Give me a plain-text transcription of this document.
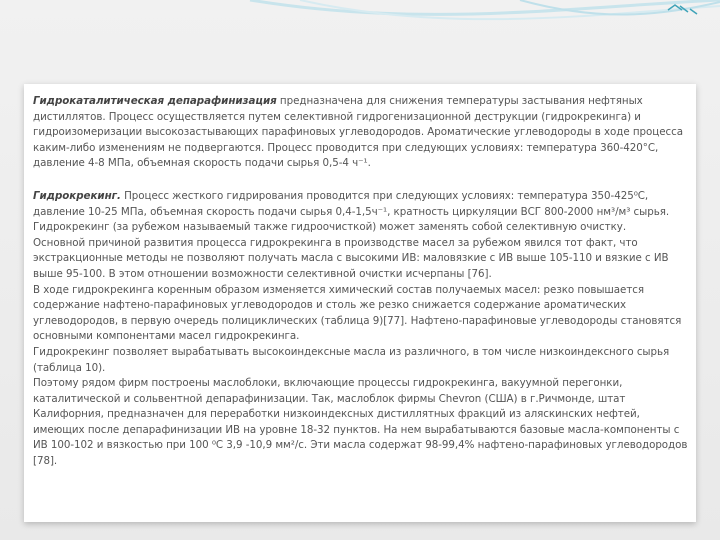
Гидрокаталитическая депарафинизация предназначена для снижения температуры застывания нефтяных дистиллятов. Процесс осуществляется путем селективной гидрогенизационной деструкции (гидрокрекинга) и гидроизомеризации высокозастывающих парафиновых углеводородов. Ароматические углеводороды в ходе процесса каким-либо изменениям не подвергаются. Процесс проводится при следующих условиях: температура 360-420°С, давление 4-8 МПа, объемная скорость подачи сырья 0,5-4 ч⁻¹.

Гидрокрекинг. Процесс жесткого гидрирования проводится при следующих условиях: температура 350-425⁰С, давление 10-25 МПа, объемная скорость подачи сырья 0,4-1,5ч⁻¹, кратность циркуляции ВСГ 800-2000 нм³/м³ сырья. Гидрокрекинг (за рубежом называемый также гидроочисткой) может заменять собой селективную очистку.

Основной причиной развития процесса гидрокрекинга в производстве масел за рубежом явился тот факт, что экстракционные методы не позволяют получать масла с высокими ИВ: маловязкие с ИВ выше 105-110 и вязкие с ИВ выше 95-100. В этом отношении возможности селективной очистки исчерпаны [76].

В ходе гидрокрекинга коренным образом изменяется химический состав получаемых масел: резко повышается содержание нафтено-парафиновых углеводородов и столь же резко снижается содержание ароматических углеводородов, в первую очередь полициклических (таблица 9)[77]. Нафтено-парафиновые углеводороды становятся основными компонентами масел гидрокрекинга.

Гидрокрекинг позволяет вырабатывать высокоиндексные масла из различного, в том числе низкоиндексного сырья (таблица 10).

Поэтому рядом фирм построены маслоблоки, включающие процессы гидрокрекинга, вакуумной перегонки, каталитической и сольвентной депарафинизации. Так, маслоблок фирмы Chevron (США) в г.Ричмонде, штат Калифорния, предназначен для переработки низкоиндексных дистиллятных фракций из аляскинских нефтей, имеющих после депарафинизации ИВ на уровне 18-32 пунктов. На нем вырабатываются базовые масла-компоненты с ИВ 100-102 и вязкостью при 100 ⁰С 3,9 -10,9 мм²/с. Эти масла содержат 98-99,4% нафтено-парафиновых углеводородов [78].
